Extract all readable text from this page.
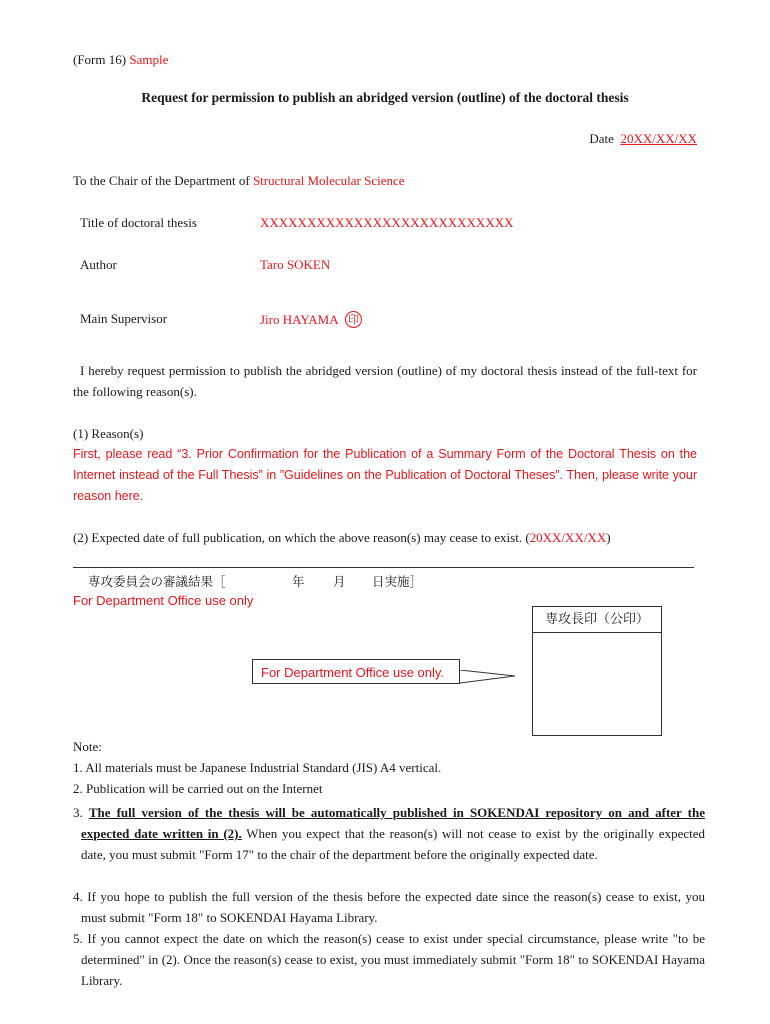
(Form 16) Sample
Request for permission to publish an abridged version (outline) of the doctoral thesis
Date 20XX/XX/XX
To the Chair of the Department of Structural Molecular Science
Title of doctoral thesis	XXXXXXXXXXXXXXXXXXXXXXXXXXX
Author	Taro SOKEN
Main Supervisor	Jiro HAYAMA 印
I hereby request permission to publish the abridged version (outline) of my doctoral thesis instead of the full-text for the following reason(s).
(1) Reason(s)
First, please read “3. Prior Confirmation for the Publication of a Summary Form of the Doctoral Thesis on the Internet instead of the Full Thesis” in ”Guidelines on the Publication of Doctoral Theses”. Then, please write your reason here.
(2) Expected date of full publication, on which the above reason(s) may cease to exist. (20XX/XX/XX)
専攻委員会の審議結果［	年 月 日実施］
For Department Office use only
専攻長印（公印）
For Department Office use only.
Note:
1. All materials must be Japanese Industrial Standard (JIS) A4 vertical.
2. Publication will be carried out on the Internet
3. The full version of the thesis will be automatically published in SOKENDAI repository on and after the expected date written in (2). When you expect that the reason(s) will not cease to exist by the originally expected date, you must submit "Form 17" to the chair of the department before the originally expected date.
4. If you hope to publish the full version of the thesis before the expected date since the reason(s) cease to exist, you must submit "Form 18" to SOKENDAI Hayama Library.
5. If you cannot expect the date on which the reason(s) cease to exist under special circumstance, please write "to be determined" in (2). Once the reason(s) cease to exist, you must immediately submit "Form 18" to SOKENDAI Hayama Library.
